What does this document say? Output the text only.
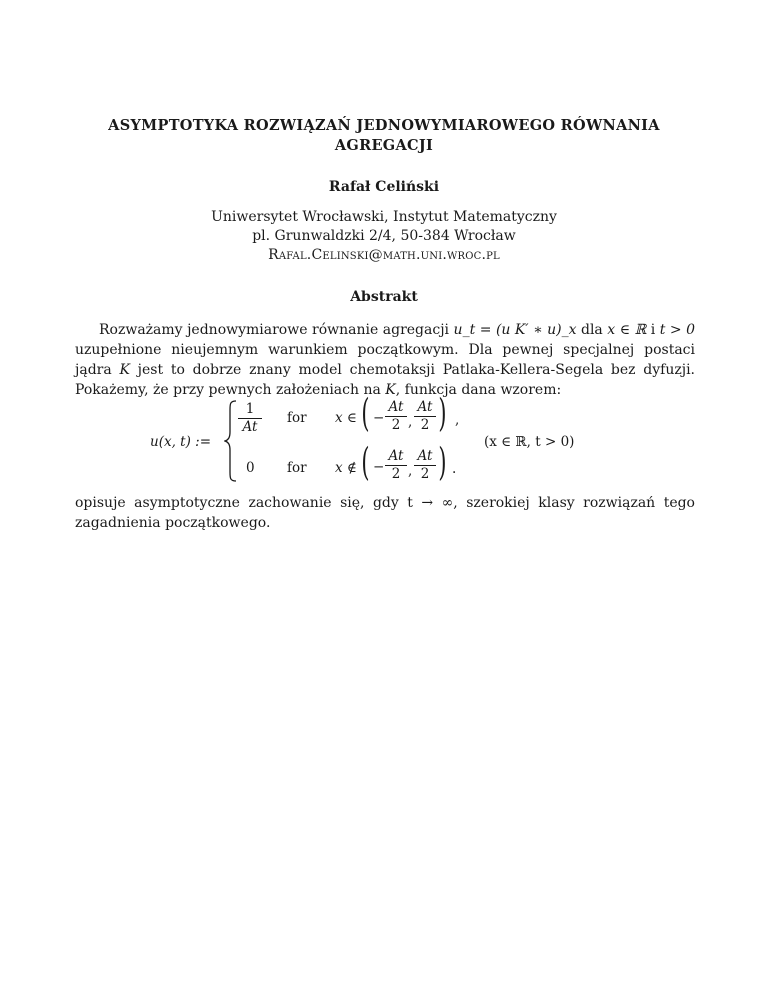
ASYMPTOTYKA ROZWIĄZAŃ JEDNOWYMIAROWEGO RÓWNANIA AGREGACJI
Rafał Celiński
Uniwersytet Wrocławski, Instytut Matematyczny
pl. Grunwaldzki 2/4, 50-384 Wrocław
Rafal.Celinski@math.uni.wroc.pl
Abstrakt

Rozważamy jednowymiarowe równanie agregacji u_t = (u K′ ∗ u)_x dla x ∈ ℝ i t > 0 uzupełnione nieujemnym warunkiem początkowym. Dla pewnej specjalnej postaci jądra K jest to dobrze znany model chemotaksji Patlaka-Kellera-Segela bez dyfuzji. Pokażemy, że przy pewnych założeniach na K, funkcja dana wzorem:

u(x, t) :=
$\frac{1}{At}$ for x ∈ ( − $\frac{At}{2}$ , $\frac{At}{2}$ ) ,
0 for x ∉ ( − $\frac{At}{2}$ , $\frac{At}{2}$ ) .
(x ∈ ℝ, t > 0)
opisuje asymptotyczne zachowanie się, gdy t → ∞, szerokiej klasy rozwiązań tego zagadnienia początkowego.
